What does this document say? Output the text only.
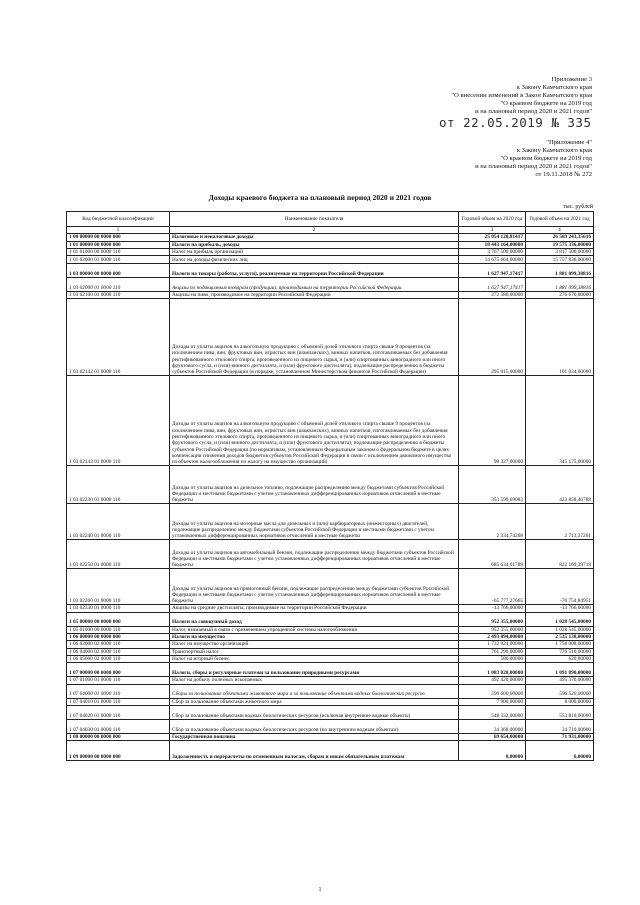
Приложение 3
к Закону Камчатского края
"О внесении изменений в Закон Камчатского края
"О краевом бюджете на 2019 год
и на плановый период 2020 и 2021 годов"
от 22.05.2019 № 335
"Приложение 4"
к Закону Камчатского края
"О краевом бюджете на 2019 год
и на плановый период 2020 и 2021 годов"
от 19.11.2018 № 272
Доходы краевого бюджета на плановый период 2020 и 2021 годов
тыс. рублей
Код бюджетной классификации	Наименование показателя	Годовой объем на 2020 год	Годовой объем на 2021 год
1	2	3	4
1 00 00000 00 0000 000	Налоговые и неналоговые доходы	25 054 120,81417	26 569 243,35616
1 01 00000 00 0000 000	Налоги на прибыль, доходы	18 443 164,00000	19 575 336,00000
1 01 01000 00 0000 110	Налог на прибыль организаций	3 767 500,00000	3 817 500,00000
1 01 02000 01 0000 110	Налог на доходы физических лиц	14 675 664,00000	15 757 836,00000
1 03 00000 00 0000 000	Налоги на товары (работы, услуги), реализуемые на территории Российской Федерации	1 627 947,17417	1 881 099,38816
1 03 02000 01 0000 110	Акцизы по подакцизным товарам (продукции), производимым на территории Российской Федерации	1 627 947,17417	1 881 099,38816
1 03 02100 01 0000 110	Акцизы на пиво, производимое на территории Российской Федерации	272 580,00000	276 670,00000
1 03 02142 01 0000 110	Доходы от уплаты акцизов на алкогольную продукцию с объемной долей этилового спирта свыше 9 процентов (за исключением пива, вин, фруктовых вин, игристых вин (шампанских), винных напитков, изготавливаемых без добавления ректификованного этилового спирта, произведенного из пищевого сырья, и (или) спиртованных виноградного или иного фруктового сусла, и (или) винного дистиллята, и (или) фруктового дистиллята), подлежащие распределению в бюджеты субъектов Российской Федерации (в порядке, установленном Министерством финансов Российской Федерации)	295 015,00000	101 034,00000
1 03 02143 01 0000 110	Доходы от уплаты акцизов на алкогольную продукцию с объемной долей этилового спирта свыше 9 процентов (за исключением пива, вин, фруктовых вин, игристых вин (шампанских), винных напитков, изготавливаемых без добавления ректификованного этилового спирта, произведенного из пищевого сырья, и (или) спиртованных виноградного или иного фруктового сусла, и (или) винного дистиллята, и (или) фруктового дистиллята), подлежащие распределению в бюджеты субъектов Российской Федерации (по нормативам, установленным Федеральным законом о федеральном бюджете в целях компенсации снижения доходов бюджетов субъектов Российской Федерации в связи с исключением движимого имущества из объектов налогообложения по налогу на имущество организаций)	98 327,00000	345 175,00000
1 03 02230 01 0000 110	Доходы от уплаты акцизов на дизельное топливо, подлежащие распределению между бюджетами субъектов Российской Федерации и местными бюджетами с учетом установленных дифференцированных нормативов отчислений в местные бюджеты	353 599,69083	423 858,46788
1 03 02240 01 0000 110	Доходы от уплаты акцизов на моторные масла для дизельных и (или) карбюраторных (инжекторных) двигателей, подлежащие распределению между бюджетами субъектов Российской Федерации и местными бюджетами с учетом установленных дифференцированных нормативов отчислений в местные бюджеты	2 334,74208	2 713,37261
1 03 02250 01 0000 110	Доходы от уплаты акцизов на автомобильный бензин, подлежащие распределению между бюджетами субъектов Российской Федерации и местными бюджетами с учетом установленных дифференцированных нормативов отчислений в местные бюджеты	685 634,01789	822 169,39718
1 03 02260 01 0000 110	Доходы от уплаты акцизов на прямогонный бензин, подлежащие распределению между бюджетами субъектов Российской Федерации и местными бюджетами с учетом установленных дифференцированных нормативов отчислений в местные бюджеты	-65 777,27665	-76 754,84951
1 03 02330 01 0000 110	Акцизы на средние дистилляты, производимые на территории Российской Федерации	-13 766,00000	-13 766,00000
1 05 00000 00 0000 000	Налоги на совокупный доход	952 355,00000	1 028 545,00000
1 05 01000 00 0000 110	Налог, взимаемый в связи с применением упрощенной системы налогообложения	952 355,00000	1 028 545,00000
1 06 00000 00 0000 000	Налоги на имущество	2 493 894,00000	2 535 138,00000
1 06 02000 02 0000 110	Налог на имущество организаций	1 732 024,00000	1 758 008,00000
1 06 04000 02 0000 110	Транспортный налог	761 290,00000	776 510,00000
1 06 05000 02 0000 110	Налог на игорный бизнес	580,00000	620,00000
1 07 00000 00 0000 000	Налоги, сборы и регулярные платежи за пользование природными ресурсами	1 083 020,00000	1 091 890,00000
1 07 01000 01 0000 110	Налог на добычу полезных ископаемых	492 420,00000	495 370,00000
1 07 04000 01 0000 110	Сборы за пользование объектами животного мира и за пользование объектами водных биологических ресурсов	590 600,00000	596 520,00000
1 07 04010 01 0000 110	Сбор за пользование объектами животного мира	7 900,00000	8 000,00000
1 07 04020 01 0000 110	Сбор за пользование объектами водных биологических ресурсов (исключая внутренние водные объекты)	548 332,00000	553 810,00000
1 07 04030 01 0000 110	Сбор за пользование объектами водных биологических ресурсов (по внутренним водным объектам)	34 368,00000	34 710,00000
1 08 00000 00 0000 000	Государственная пошлина	69 654,00000	71 931,00000
1 09 00000 00 0000 000	Задолженность и перерасчеты по отмененным налогам, сборам и иным обязательным платежам	8,00000	6,00000
1
